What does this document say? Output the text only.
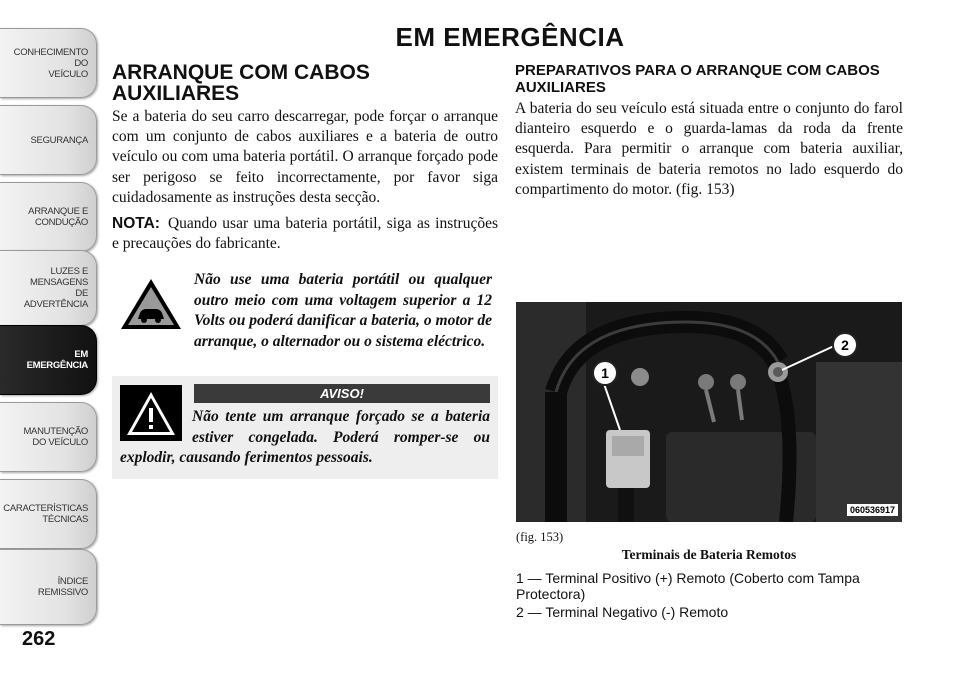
CONHECIMENTO
DO
VEÍCULO
SEGURANÇA
ARRANQUE E
CONDUÇÃO
LUZES E
MENSAGENS
DE
ADVERTÊNCIA
EM
EMERGÊNCIA
MANUTENÇÃO
DO VEÍCULO
CARACTERÍSTICAS
TÉCNICAS
ÍNDICE
REMISSIVO
262
EM EMERGÊNCIA
ARRANQUE COM CABOS AUXILIARES

Se a bateria do seu carro descarregar, pode forçar o arranque com um conjunto de cabos auxiliares e a bateria de outro veículo ou com uma bateria portátil. O arranque forçado pode ser perigoso se feito incorrectamente, por favor siga cuidadosamente as instruções desta secção.

NOTA: Quando usar uma bateria portátil, siga as instruções e precauções do fabricante.

Não use uma bateria portátil ou qualquer outro meio com uma voltagem superior a 12 Volts ou poderá danificar a bateria, o motor de arranque, o alternador ou o sistema eléctrico.

AVISO!

Não tente um arranque forçado se a bateria estiver congelada. Poderá romper-se ou explodir, causando ferimentos pessoais.

PREPARATIVOS PARA O ARRANQUE COM CABOS AUXILIARES

A bateria do seu veículo está situada entre o conjunto do farol dianteiro esquerdo e o guarda-lamas da roda da frente esquerda. Para permitir o arranque com bateria auxiliar, existem terminais de bateria remotos no lado esquerdo do compartimento do motor. (fig. 153)

1
2
060536917
(fig. 153)
Terminais de Bateria Remotos

1 — Terminal Positivo (+) Remoto (Coberto com Tampa Protectora)

2 — Terminal Negativo (-) Remoto
